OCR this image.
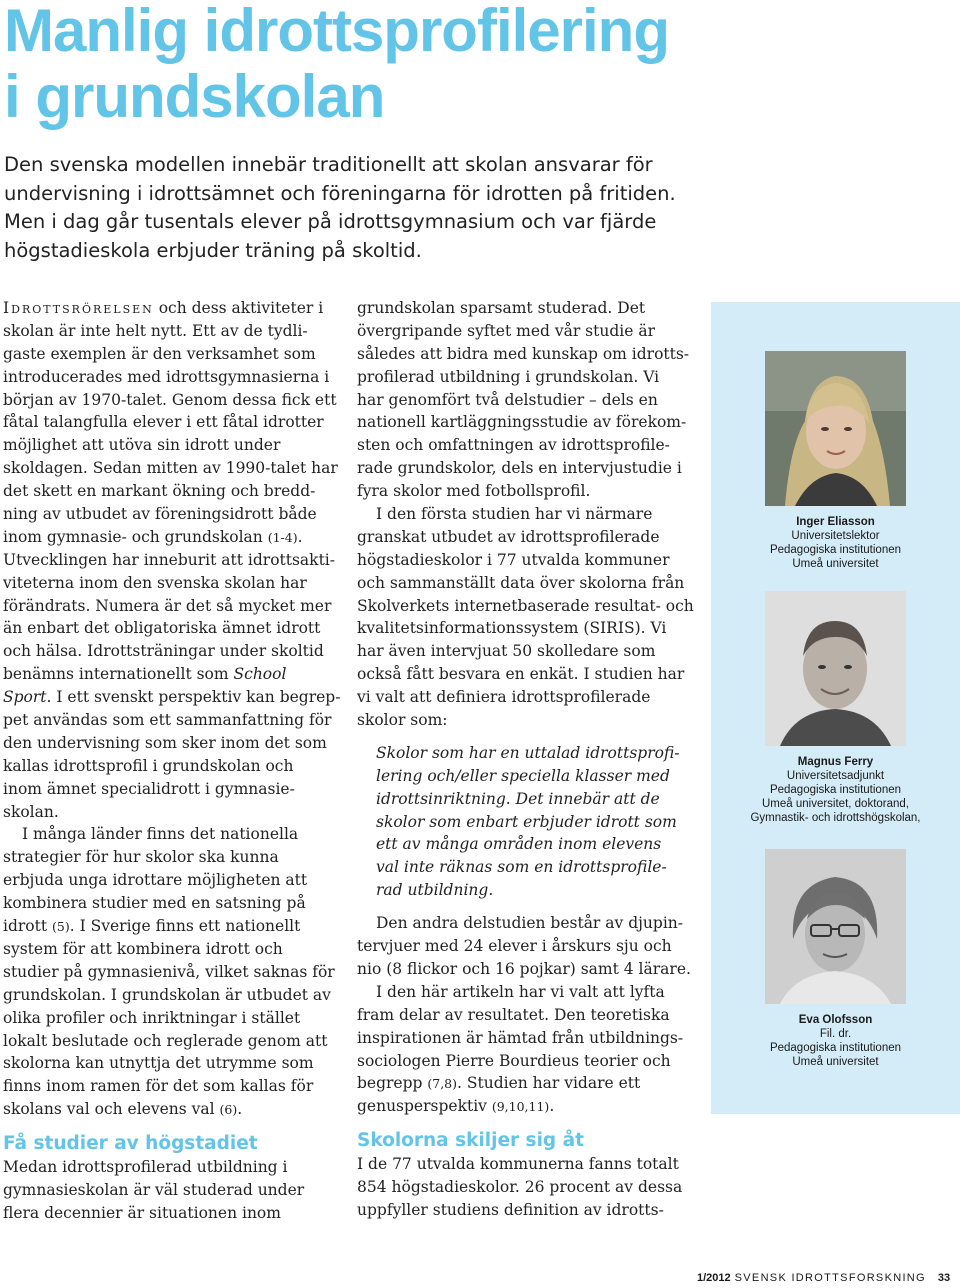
Manlig idrottsprofilering
i grundskolan

Den svenska modellen innebär traditionellt att skolan ansvarar för
undervisning i idrottsämnet och föreningarna för idrotten på fritiden.
Men i dag går tusentals elever på idrottsgymnasium och var fjärde
högstadieskola erbjuder träning på skoltid.

Idrottsrörelsen och dess aktiviteter i
skolan är inte helt nytt. Ett av de tydli-
gaste exemplen är den verksamhet som
introducerades med idrottsgymnasierna i
början av 1970-talet. Genom dessa fick ett
fåtal talangfulla elever i ett fåtal idrotter
möjlighet att utöva sin idrott under
skoldagen. Sedan mitten av 1990-talet har
det skett en markant ökning och bredd-
ning av utbudet av föreningsidrott både
inom gymnasie- och grundskolan (1-4).
Utvecklingen har inneburit att idrottsakti-
viteterna inom den svenska skolan har
förändrats. Numera är det så mycket mer
än enbart det obligatoriska ämnet idrott
och hälsa. Idrottsträningar under skoltid
benämns internationellt som School
Sport. I ett svenskt perspektiv kan begrep-
pet användas som ett sammanfattning för
den undervisning som sker inom det som
kallas idrottsprofil i grundskolan och
inom ämnet specialidrott i gymnasie-
skolan.
I många länder finns det nationella
strategier för hur skolor ska kunna
erbjuda unga idrottare möjligheten att
kombinera studier med en satsning på
idrott (5). I Sverige finns ett nationellt
system för att kombinera idrott och
studier på gymnasienivå, vilket saknas för
grundskolan. I grundskolan är utbudet av
olika profiler och inriktningar i stället
lokalt beslutade och reglerade genom att
skolorna kan utnyttja det utrymme som
finns inom ramen för det som kallas för
skolans val och elevens val (6).
Få studier av högstadiet
Medan idrottsprofilerad utbildning i
gymnasieskolan är väl studerad under
flera decennier är situationen inom
grundskolan sparsamt studerad. Det
övergripande syftet med vår studie är
således att bidra med kunskap om idrotts-
profilerad utbildning i grundskolan. Vi
har genomfört två delstudier – dels en
nationell kartläggningsstudie av förekom-
sten och omfattningen av idrottsprofile-
rade grundskolor, dels en intervjustudie i
fyra skolor med fotbollsprofil.
I den första studien har vi närmare
granskat utbudet av idrottsprofilerade
högstadieskolor i 77 utvalda kommuner
och sammanställt data över skolorna från
Skolverkets internetbaserade resultat- och
kvalitetsinformationssystem (SIRIS). Vi
har även intervjuat 50 skolledare som
också fått besvara en enkät. I studien har
vi valt att definiera idrottsprofilerade
skolor som:
Skolor som har en uttalad idrottsprofi-
lering och/eller speciella klasser med
idrottsinriktning. Det innebär att de
skolor som enbart erbjuder idrott som
ett av många områden inom elevens
val inte räknas som en idrottsprofile-
rad utbildning.
Den andra delstudien består av djupin-
tervjuer med 24 elever i årskurs sju och
nio (8 flickor och 16 pojkar) samt 4 lärare.
I den här artikeln har vi valt att lyfta
fram delar av resultatet. Den teoretiska
inspirationen är hämtad från utbildnings-
sociologen Pierre Bourdieus teorier och
begrepp (7,8). Studien har vidare ett
genusperspektiv (9,10,11).
Skolorna skiljer sig åt
I de 77 utvalda kommunerna fanns totalt
854 högstadieskolor. 26 procent av dessa
uppfyller studiens definition av idrotts-
Inger Eliasson
Universitetslektor
Pedagogiska institutionen
Umeå universitet
Magnus Ferry
Universitetsadjunkt
Pedagogiska institutionen
Umeå universitet, doktorand,
Gymnastik- och idrottshögskolan,
Eva Olofsson
Fil. dr.
Pedagogiska institutionen
Umeå universitet
1/2012 SVENSK IDROTTSFORSKNING 33
